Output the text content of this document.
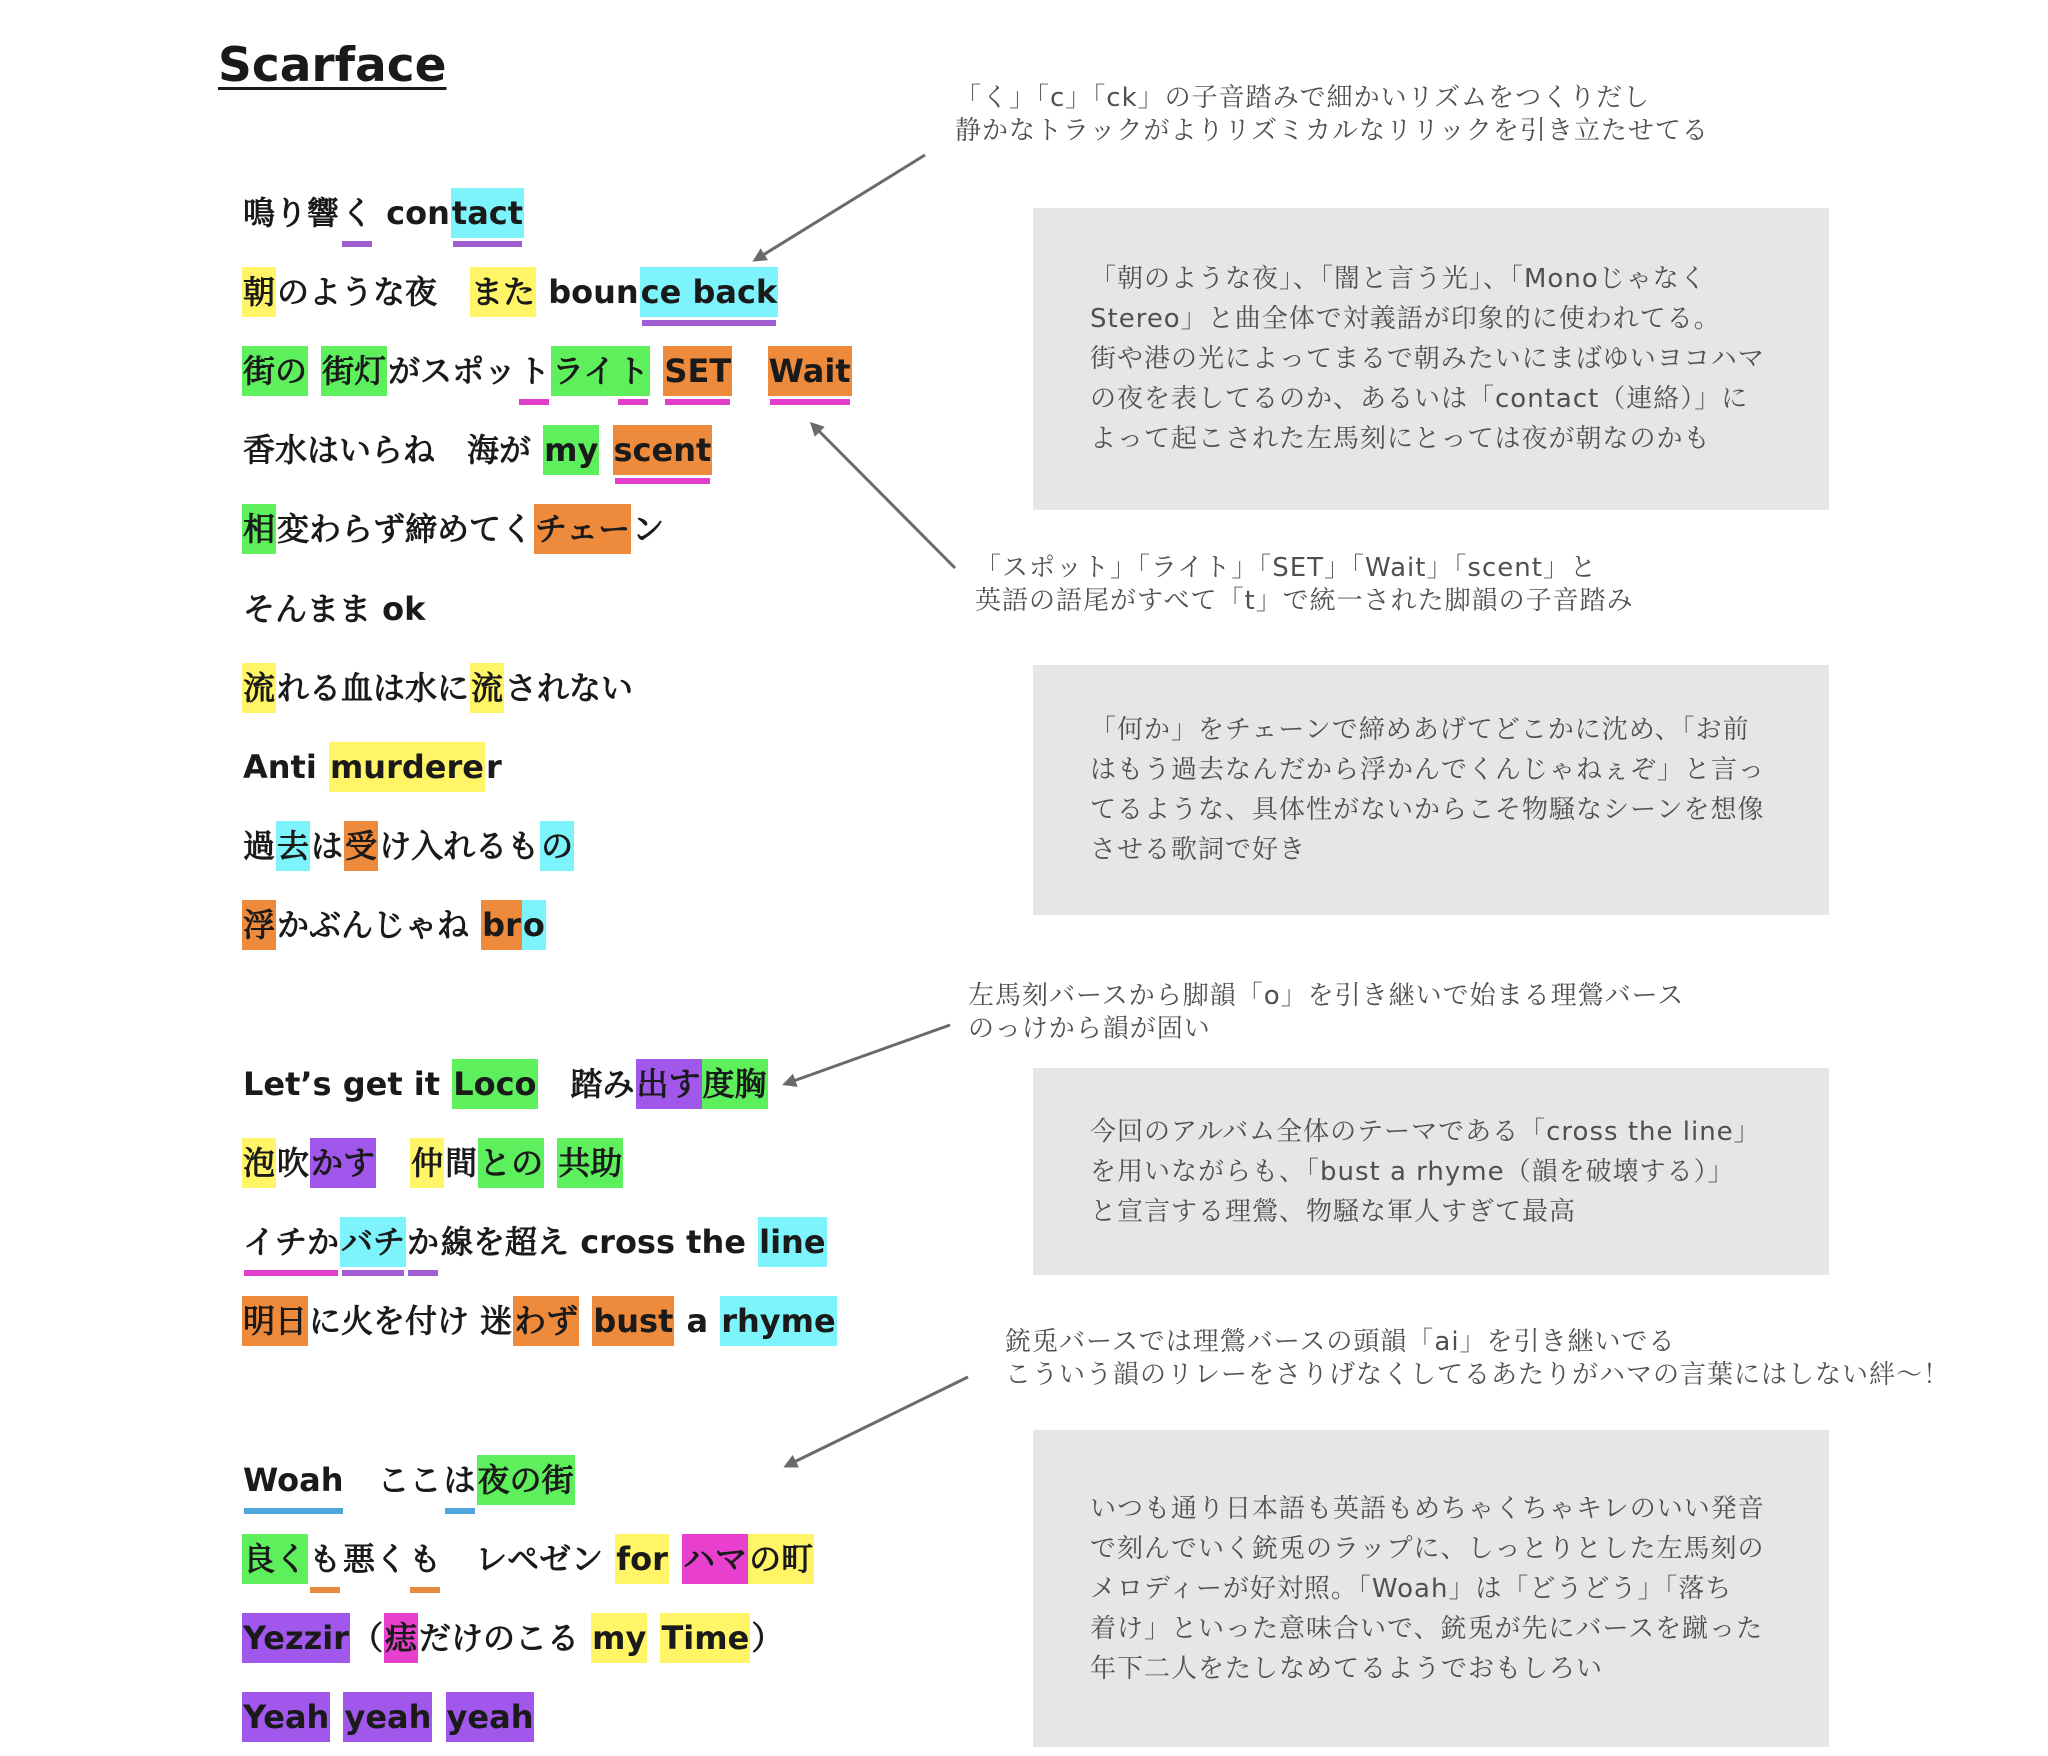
Scarface
鳴り響く contact
朝のような夜　また bounce back
街の 街灯がスポットライト SET Wait
香水はいらね　海が my scent
相変わらず締めてくチェーン
そんまま ok
流れる血は水に流されない
Anti murderer
過去は受け入れるもの
浮かぶんじゃね bro
Let’s get it Loco　踏み出す度胸
泡吹かす　 仲間との 共助
イチかバチか線を超え cross the line
明日に火を付け 迷わず bust a rhyme
Woah　ここは夜の街
良くも悪くも　レペゼン for ハマの町
Yezzir（痣だけのこる my Time）
Yeah yeah yeah
「く」「c」「ck」の子音踏みで細かいリズムをつくりだし
静かなトラックがよりリズミカルなリリックを引き立たせてる
「スポット」「ライト」「SET」「Wait」「scent」と
英語の語尾がすべて「t」で統一された脚韻の子音踏み
左馬刻バースから脚韻「o」を引き継いで始まる理鶯バース
のっけから韻が固い
銃兎バースでは理鶯バースの頭韻「ai」を引き継いでる
こういう韻のリレーをさりげなくしてるあたりがハマの言葉にはしない絆〜！

「朝のような夜」、「闇と言う光」、「Monoじゃなく
Stereo」と曲全体で対義語が印象的に使われてる。
街や港の光によってまるで朝みたいにまばゆいヨコハマ
の夜を表してるのか、あるいは「contact（連絡）」に
よって起こされた左馬刻にとっては夜が朝なのかも

「何か」をチェーンで締めあげてどこかに沈め、「お前
はもう過去なんだから浮かんでくんじゃねぇぞ」と言っ
てるような、具体性がないからこそ物騒なシーンを想像
させる歌詞で好き

今回のアルバム全体のテーマである「cross the line」
を用いながらも、「bust a rhyme（韻を破壊する）」
と宣言する理鶯、物騒な軍人すぎて最高

いつも通り日本語も英語もめちゃくちゃキレのいい発音
で刻んでいく銃兎のラップに、しっとりとした左馬刻の
メロディーが好対照。「Woah」は「どうどう」「落ち
着け」といった意味合いで、銃兎が先にバースを蹴った
年下二人をたしなめてるようでおもしろい
